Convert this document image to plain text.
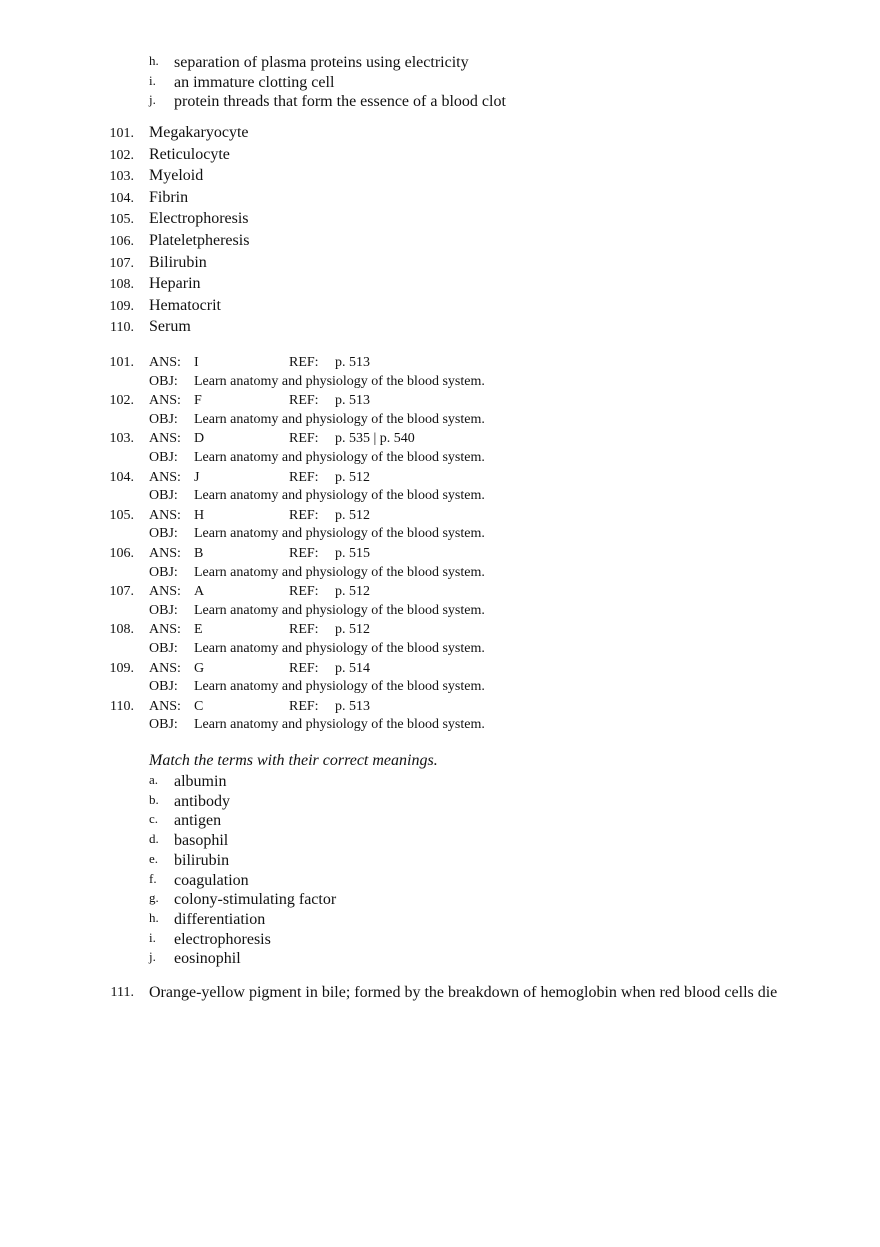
h. separation of plasma proteins using electricity
i. an immature clotting cell
j. protein threads that form the essence of a blood clot
101. Megakaryocyte
102. Reticulocyte
103. Myeloid
104. Fibrin
105. Electrophoresis
106. Plateletpheresis
107. Bilirubin
108. Heparin
109. Hematocrit
110. Serum
101. ANS: I	REF: p. 513
OBJ: Learn anatomy and physiology of the blood system.
102. ANS: F	REF: p. 513
OBJ: Learn anatomy and physiology of the blood system.
103. ANS: D	REF: p. 535 | p. 540
OBJ: Learn anatomy and physiology of the blood system.
104. ANS: J	REF: p. 512
OBJ: Learn anatomy and physiology of the blood system.
105. ANS: H	REF: p. 512
OBJ: Learn anatomy and physiology of the blood system.
106. ANS: B	REF: p. 515
OBJ: Learn anatomy and physiology of the blood system.
107. ANS: A	REF: p. 512
OBJ: Learn anatomy and physiology of the blood system.
108. ANS: E	REF: p. 512
OBJ: Learn anatomy and physiology of the blood system.
109. ANS: G	REF: p. 514
OBJ: Learn anatomy and physiology of the blood system.
110. ANS: C	REF: p. 513
OBJ: Learn anatomy and physiology of the blood system.
Match the terms with their correct meanings.
a. albumin
b. antibody
c. antigen
d. basophil
e. bilirubin
f. coagulation
g. colony-stimulating factor
h. differentiation
i. electrophoresis
j. eosinophil
111. Orange-yellow pigment in bile; formed by the breakdown of hemoglobin when red blood cells die
